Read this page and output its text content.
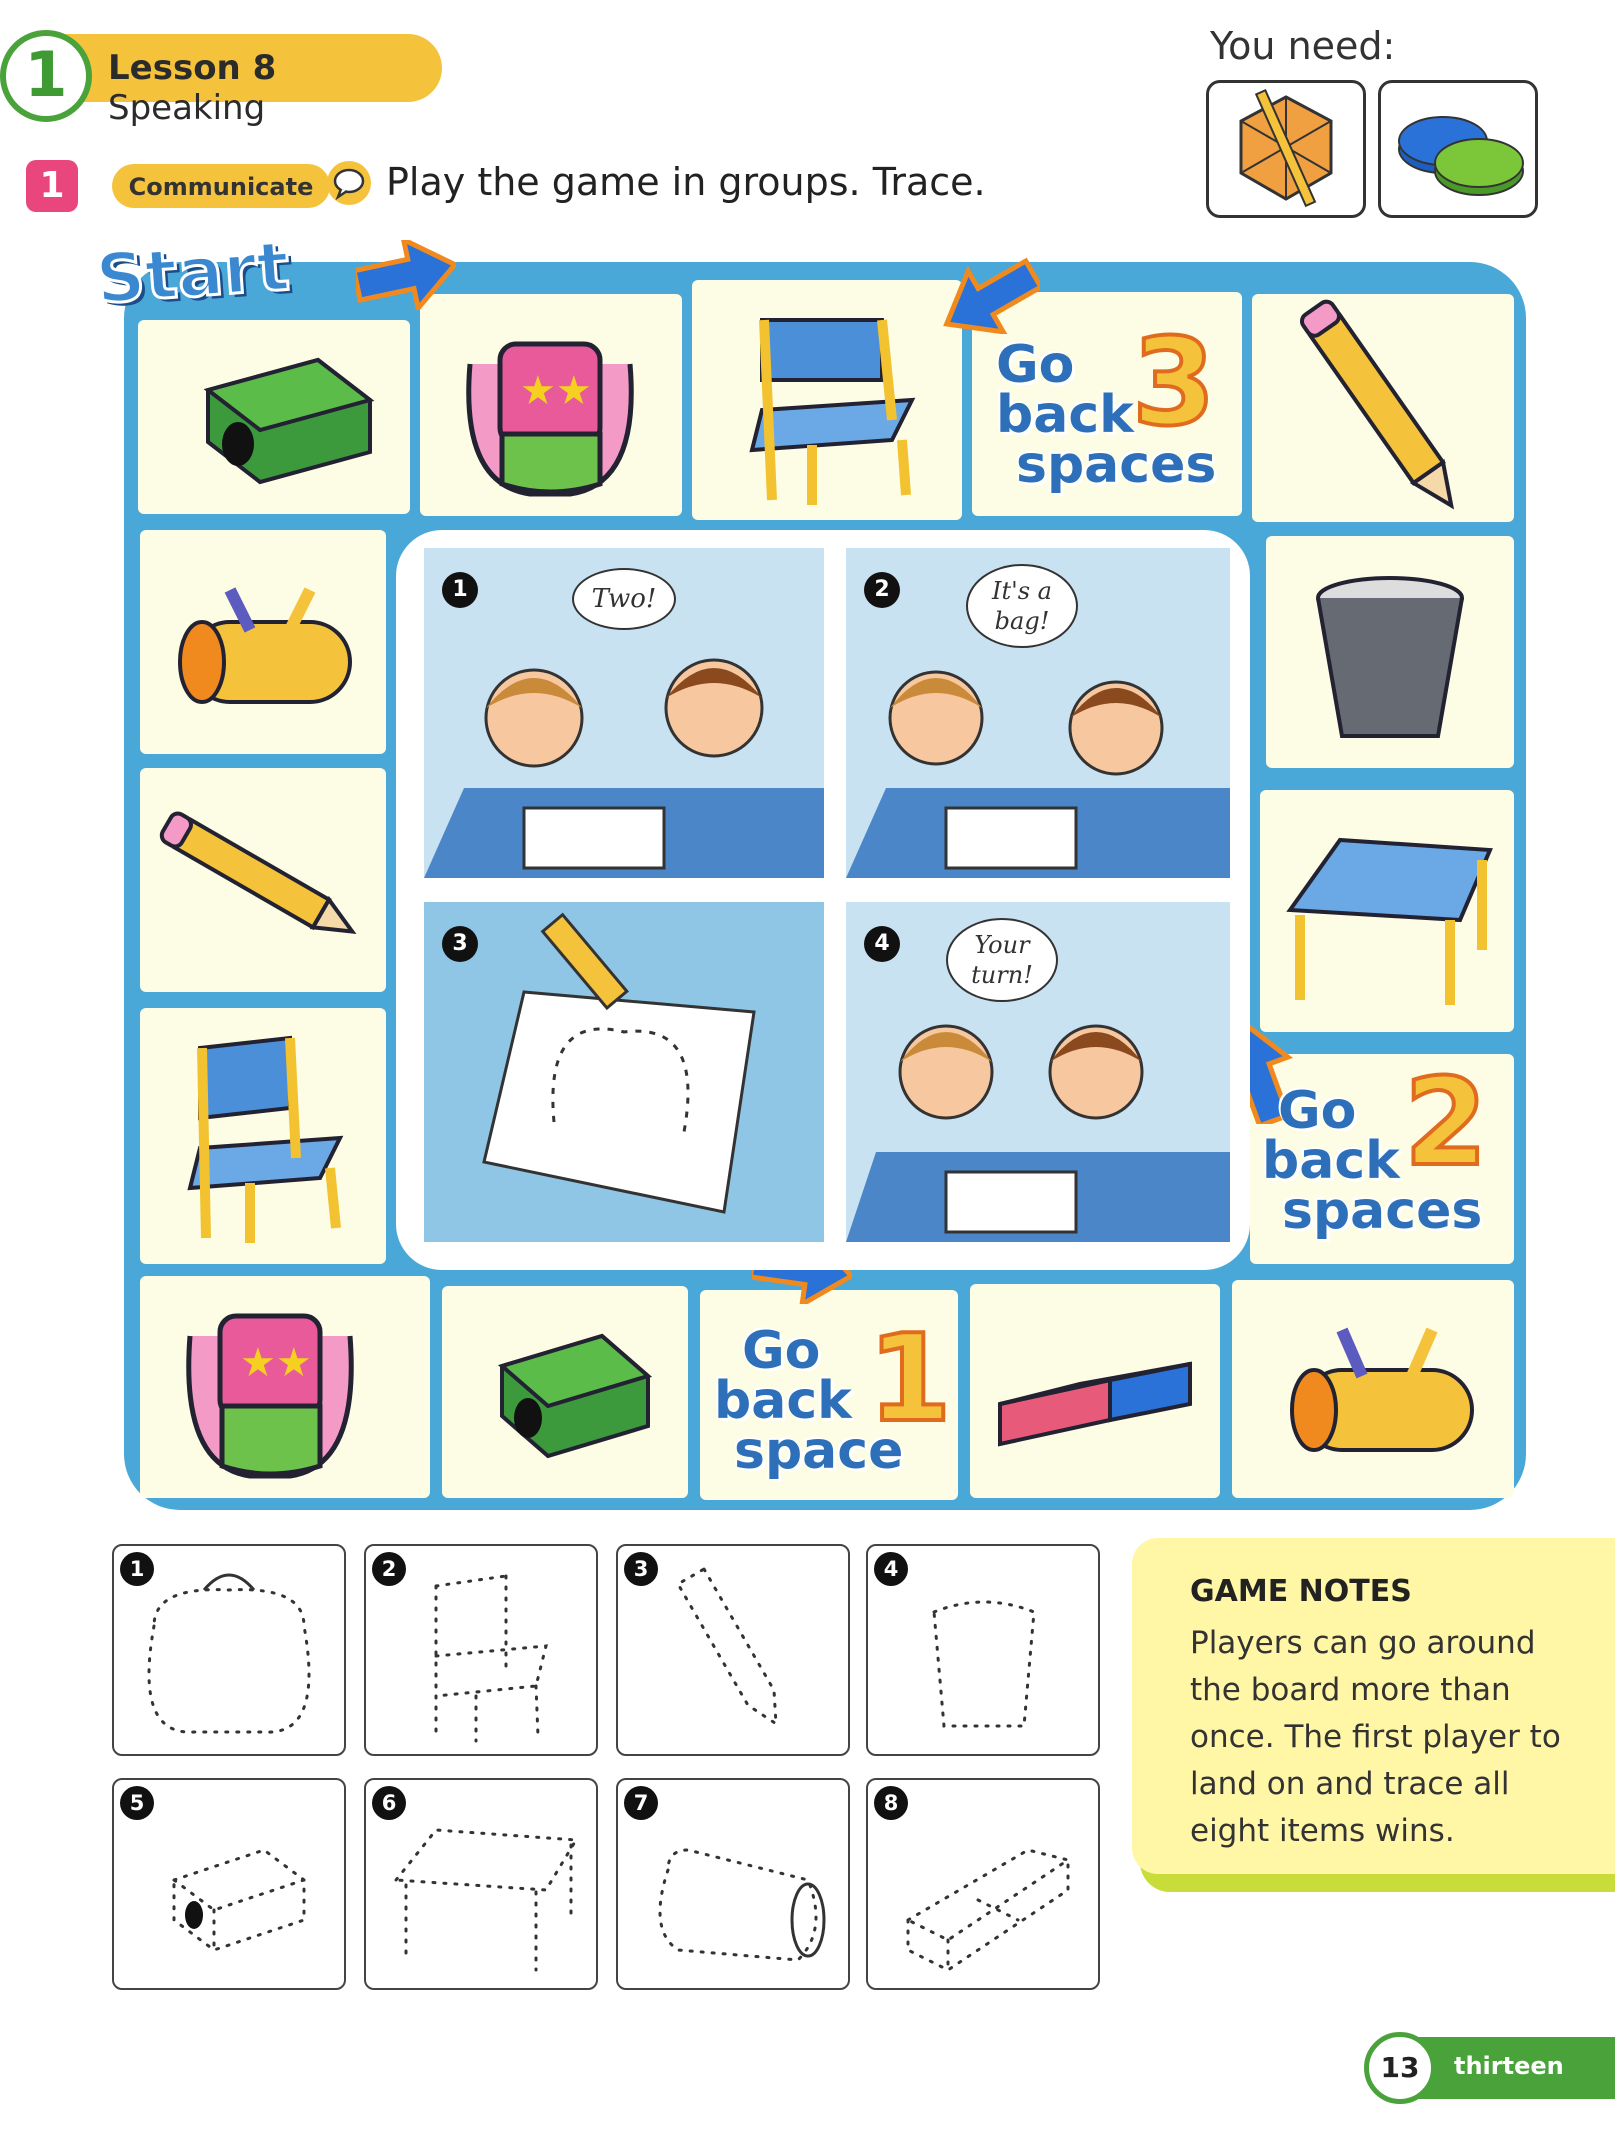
1	Lesson 8 Speaking
You need:
1	Communicate	Play the game in groups. Trace.
★★
★★
Start
Go
back
spaces
3
Go
back
spaces
2
Go
back
space
1
1	Two!	2	It's a bag!
3	4	Your turn!
1	2	3	4
5	6	7	8
GAME NOTES
Players can go around the board more than once. The first player to land on and trace all eight items wins.
13	thirteen
